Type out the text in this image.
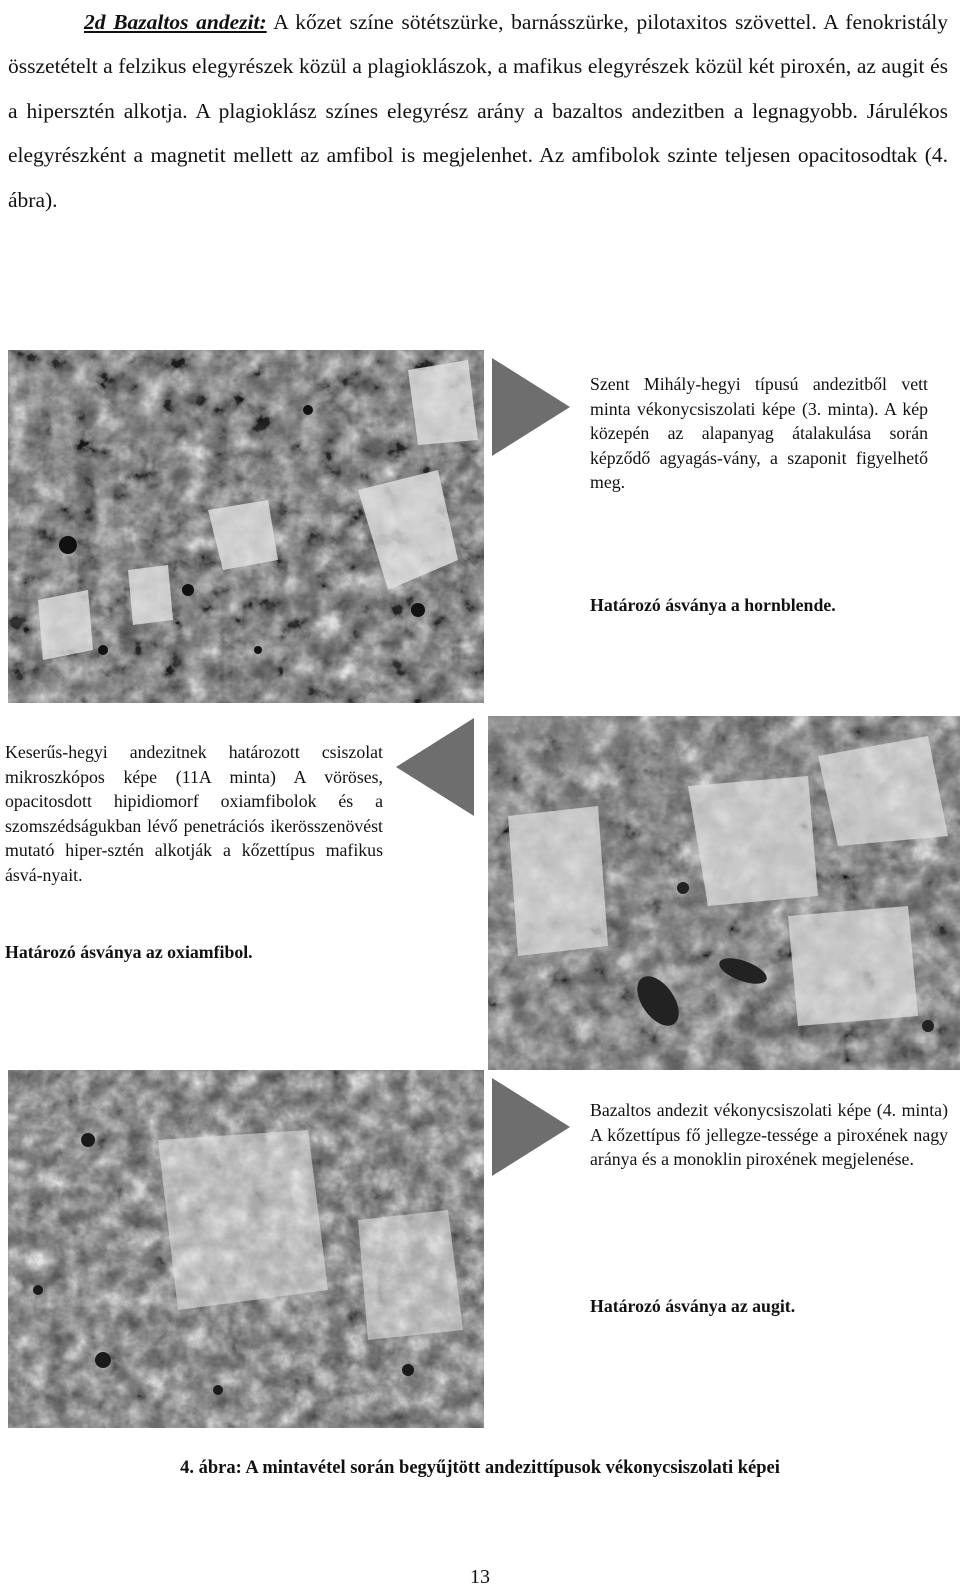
2d Bazaltos andezit: A kőzet színe sötétszürke, barnásszürke, pilotaxitos szövettel. A fenokristály összetételt a felzikus elegyrészek közül a plagioklászok, a mafikus elegyrészek közül két piroxén, az augit és a hipersztén alkotja. A plagioklász színes elegyrész arány a bazaltos andezitben a legnagyobb. Járulékos elegyrészként a magnetit mellett az amfibol is megjelenhet. Az amfibolok szinte teljesen opacitosodtak (4. ábra).
Szent Mihály-hegyi típusú andezitből vett minta vékonycsiszolati képe (3. minta). A kép közepén az alapanyag átalakulása során képződő agyagás-vány, a szaponit figyelhető meg.
Határozó ásványa a hornblende.
Keserűs-hegyi andezitnek határozott csiszolat mikroszkópos képe (11A minta) A vöröses, opacitosdott hipidiomorf oxiamfibolok és a szomszédságukban lévő penetrációs ikerösszenövést mutató hiper-sztén alkotják a kőzettípus mafikus ásvá-nyait.
Határozó ásványa az oxiamfibol.
Bazaltos andezit vékonycsiszolati képe (4. minta) A kőzettípus fő jellegze-tessége a piroxének nagy aránya és a monoklin piroxének megjelenése.
Határozó ásványa az augit.
4. ábra: A mintavétel során begyűjtött andezittípusok vékonycsiszolati képei
13
